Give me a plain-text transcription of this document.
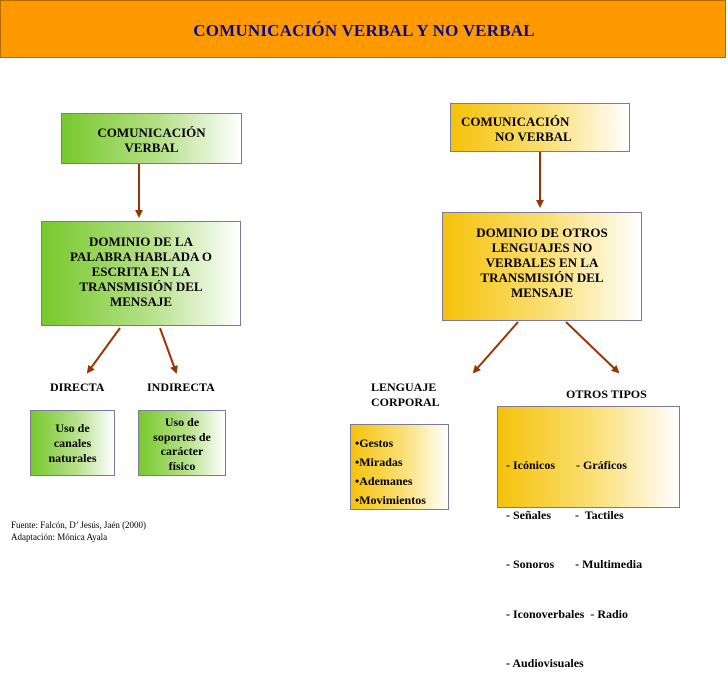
COMUNICACIÓN VERBAL Y NO VERBAL
COMUNICACIÓN
VERBAL
DOMINIO DE LA
PALABRA HABLADA O
ESCRITA EN LA
TRANSMISIÓN DEL
MENSAJE
DIRECTA	INDIRECTA
Uso de
canales
naturales
Uso de
soportes de
carácter
físico
COMUNICACIÓN
NO VERBAL
DOMINIO DE OTROS
LENGUAJES NO
VERBALES EN LA
TRANSMISIÓN DEL
MENSAJE
LENGUAJE
CORPORAL
OTROS TIPOS
•Gestos
•Miradas
•Ademanes
•Movimientos

- Icónicos       - Gráficos

- Señales        -  Tactiles

- Sonoros       - Multimedia

- Iconoverbales  - Radio

- Audiovisuales

Fuente: Falcón, D’ Jesús, Jaén (2000)
Adaptación: Mónica Ayala
